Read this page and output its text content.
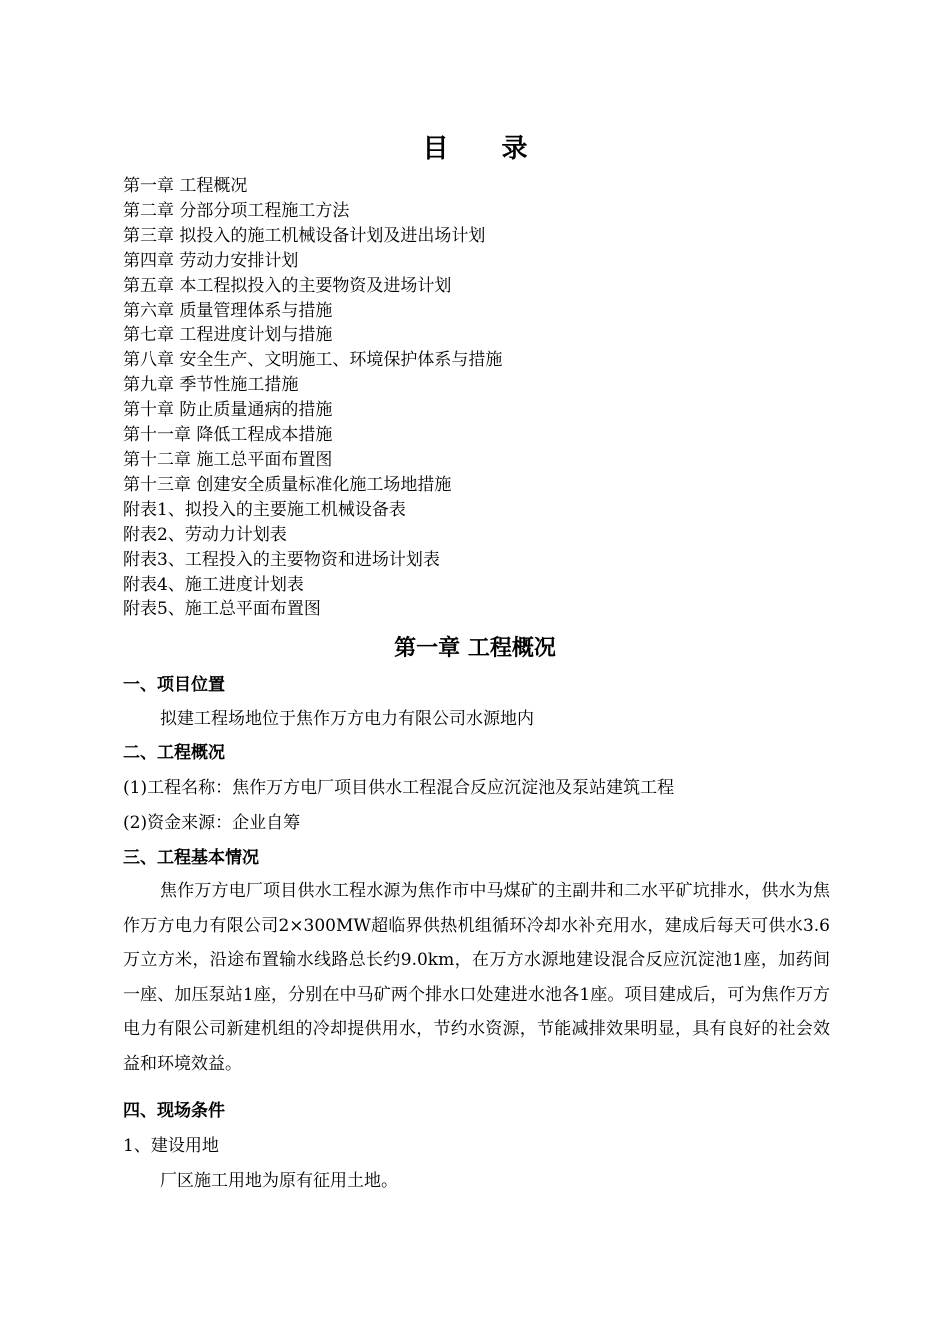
目 录
第一章 工程概况
第二章 分部分项工程施工方法
第三章 拟投入的施工机械设备计划及进出场计划
第四章 劳动力安排计划
第五章 本工程拟投入的主要物资及进场计划
第六章 质量管理体系与措施
第七章 工程进度计划与措施
第八章 安全生产、文明施工、环境保护体系与措施
第九章 季节性施工措施
第十章 防止质量通病的措施
第十一章 降低工程成本措施
第十二章 施工总平面布置图
第十三章 创建安全质量标准化施工场地措施
附表1、拟投入的主要施工机械设备表
附表2、劳动力计划表
附表3、工程投入的主要物资和进场计划表
附表4、施工进度计划表
附表5、施工总平面布置图
第一章 工程概况
一、项目位置
拟建工程场地位于焦作万方电力有限公司水源地内
二、工程概况
(1)工程名称：焦作万方电厂项目供水工程混合反应沉淀池及泵站建筑工程
(2)资金来源：企业自筹
三、工程基本情况

焦作万方电厂项目供水工程水源为焦作市中马煤矿的主副井和二水平矿坑排水，供水为焦作万方电力有限公司2×300MW超临界供热机组循环冷却水补充用水，建成后每天可供水3.6万立方米，沿途布置输水线路总长约9.0km，在万方水源地建设混合反应沉淀池1座，加药间一座、加压泵站1座，分别在中马矿两个排水口处建进水池各1座。项目建成后，可为焦作万方电力有限公司新建机组的冷却提供用水，节约水资源，节能减排效果明显，具有良好的社会效益和环境效益。

四、现场条件
1、建设用地
厂区施工用地为原有征用土地。
